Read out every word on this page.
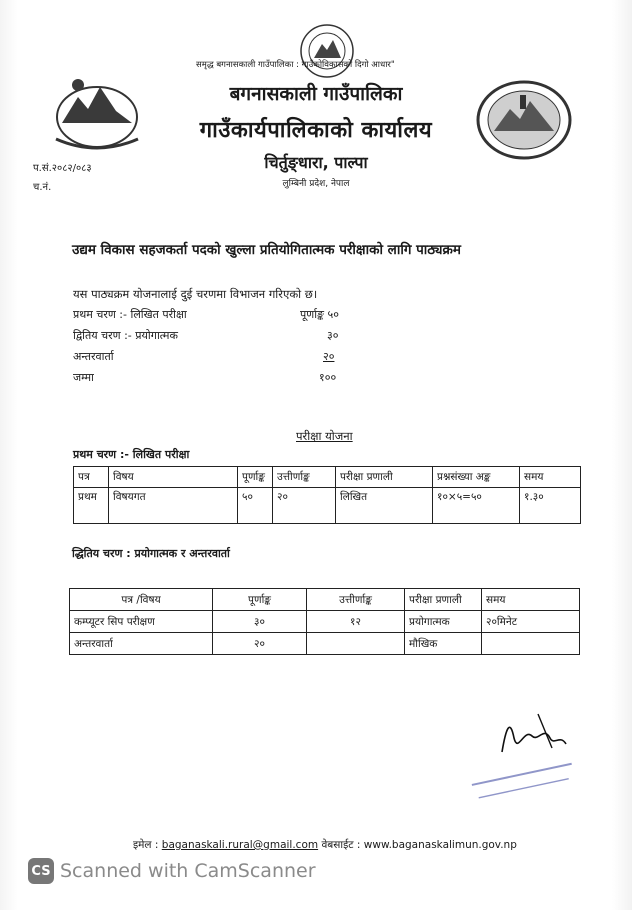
समृद्ध बगनासकाली गाउँपालिका : गाउँकोविकासको दिगो आधार"
बगनासकाली गाउँपालिका
गाउँकार्यपालिकाको कार्यालय
चिर्तुङ्धारा, पाल्पा
लुम्बिनी प्रदेश, नेपाल
प.सं.२०८२/०८३
च.नं.
उद्यम विकास सहजकर्ता पदको खुल्ला प्रतियोगितात्मक परीक्षाको लागि पाठ्यक्रम
यस पाठ्यक्रम योजनालाई दुई चरणमा विभाजन गरिएको छ।
प्रथम चरण :- लिखित परीक्षा	पूर्णाङ्क ५०
द्वितिय चरण :- प्रयोगात्मक	३०
अन्तरवार्ता	२०
जम्मा	१००
परीक्षा योजना
प्रथम चरण :- लिखित परीक्षा
पत्र	विषय	पूर्णाङ्क	उत्तीर्णाङ्क	परीक्षा प्रणाली	प्रश्नसंख्या अङ्क	समय
प्रथम	विषयगत	५०	२०	लिखित	१०×५=५०	१.३०
द्धितिय चरण : प्रयोगात्मक र अन्तरवार्ता
पत्र /विषय	पूर्णाङ्क	उत्तीर्णाङ्क	परीक्षा प्रणाली	समय
कम्प्यूटर सिप परीक्षण	३०	१२	प्रयोगात्मक	२०मिनेट
अन्तरवार्ता	२०		मौखिक	
इमेल : baganaskali.rural@gmail.com वेबसाईट : www.baganaskalimun.gov.np
CS Scanned with CamScanner
